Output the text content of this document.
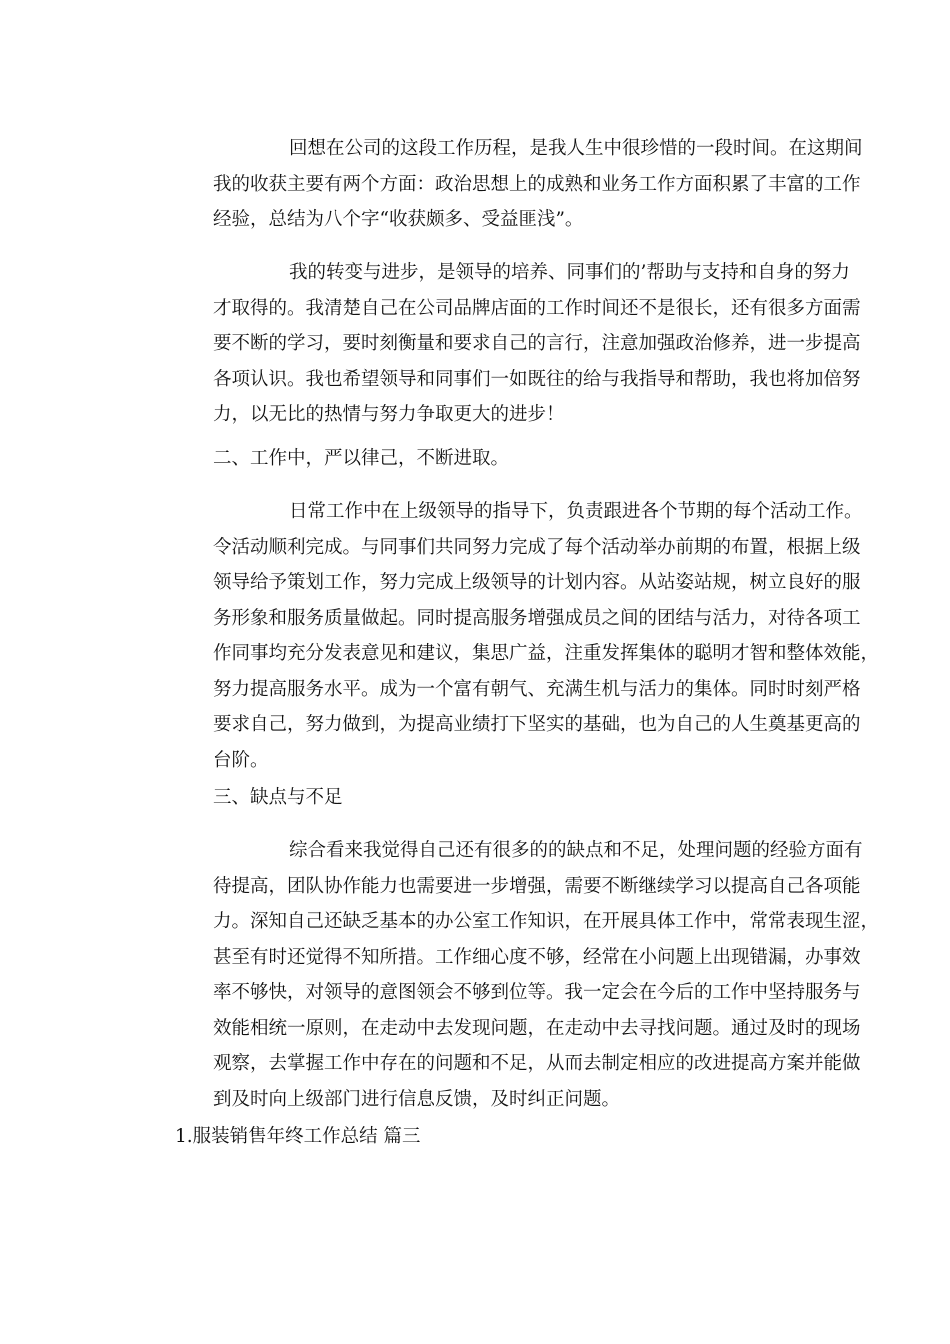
回想在公司的这段工作历程，是我人生中很珍惜的一段时间。在这期间
我的收获主要有两个方面：政治思想上的成熟和业务工作方面积累了丰富的工作
经验，总结为八个字“收获颇多、受益匪浅”。
我的转变与进步，是领导的培养、同事们的’帮助与支持和自身的努力
才取得的。我清楚自己在公司品牌店面的工作时间还不是很长，还有很多方面需
要不断的学习，要时刻衡量和要求自己的言行，注意加强政治修养，进一步提高
各项认识。我也希望领导和同事们一如既往的给与我指导和帮助，我也将加倍努
力，以无比的热情与努力争取更大的进步！
二、工作中，严以律己，不断进取。
日常工作中在上级领导的指导下，负责跟进各个节期的每个活动工作。
令活动顺利完成。与同事们共同努力完成了每个活动举办前期的布置，根据上级
领导给予策划工作，努力完成上级领导的计划内容。从站姿站规，树立良好的服
务形象和服务质量做起。同时提高服务增强成员之间的团结与活力，对待各项工
作同事均充分发表意见和建议，集思广益，注重发挥集体的聪明才智和整体效能，
努力提高服务水平。成为一个富有朝气、充满生机与活力的集体。同时时刻严格
要求自己，努力做到，为提高业绩打下坚实的基础，也为自己的人生奠基更高的
台阶。
三、缺点与不足
综合看来我觉得自己还有很多的的缺点和不足，处理问题的经验方面有
待提高，团队协作能力也需要进一步增强，需要不断继续学习以提高自己各项能
力。深知自己还缺乏基本的办公室工作知识，在开展具体工作中，常常表现生涩，
甚至有时还觉得不知所措。工作细心度不够，经常在小问题上出现错漏，办事效
率不够快，对领导的意图领会不够到位等。我一定会在今后的工作中坚持服务与
效能相统一原则，在走动中去发现问题，在走动中去寻找问题。通过及时的现场
观察，去掌握工作中存在的问题和不足，从而去制定相应的改进提高方案并能做
到及时向上级部门进行信息反馈，及时纠正问题。
1.服装销售年终工作总结 篇三
